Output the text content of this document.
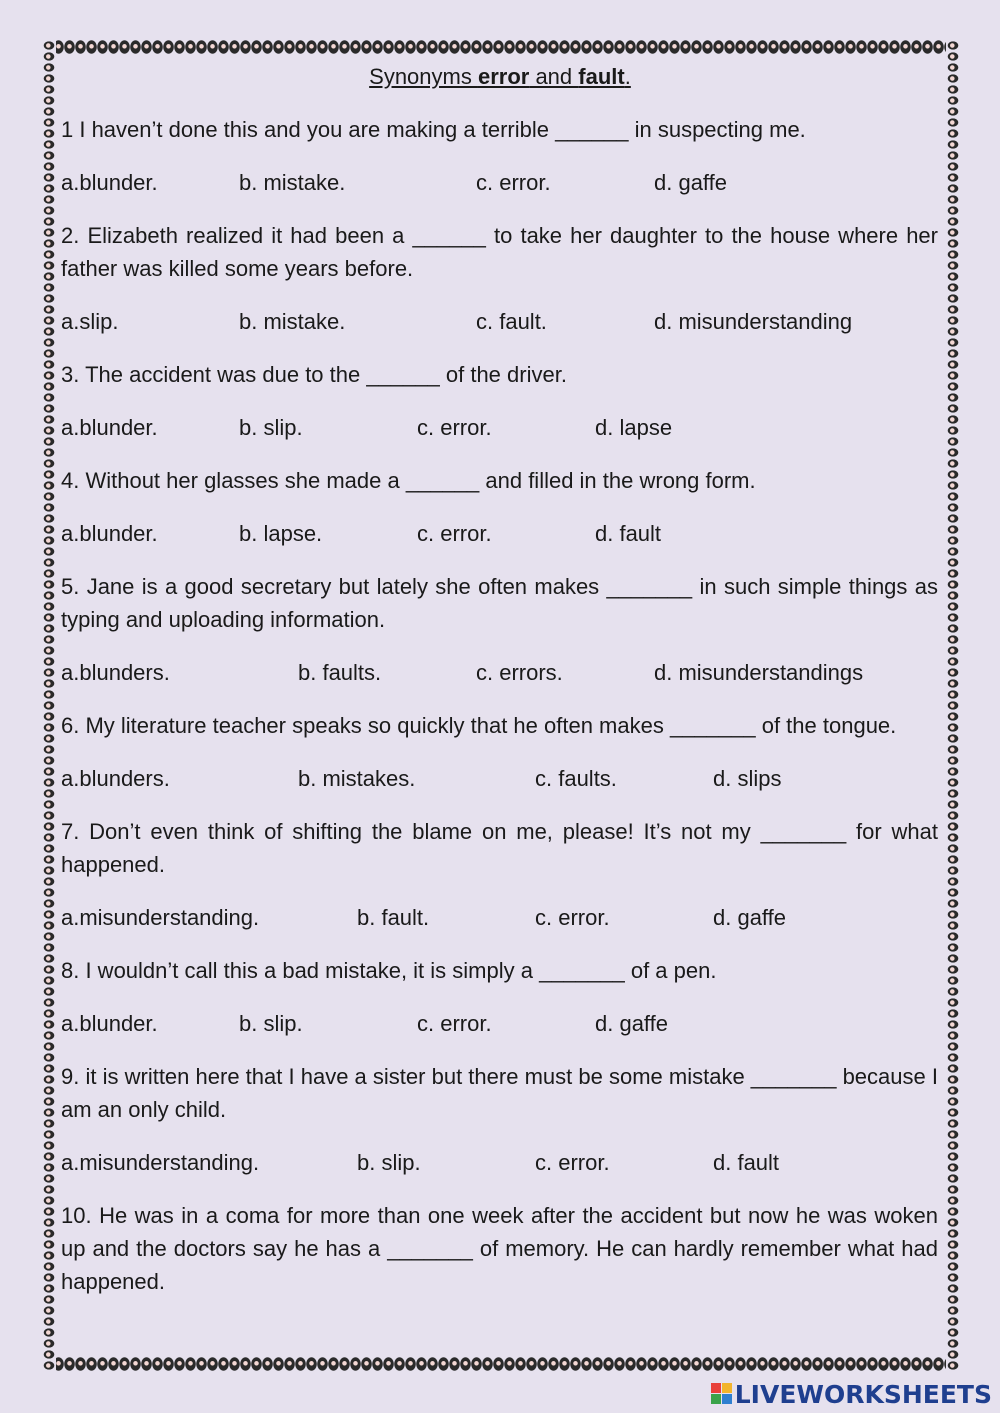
Synonyms error and fault.

1 I haven’t done this and you are making a terrible ______ in suspecting me.

a.blunder.	b. mistake.	c. error.	d. gaffe

2. Elizabeth realized it had been a ______ to take her daughter to the house where her father was killed some years before.

a.slip.	b. mistake.	c. fault.	d. misunderstanding

3. The accident was due to the ______ of the driver.

a.blunder.	b. slip.	c. error.	d. lapse

4. Without her glasses she made a ______ and filled in the wrong form.

a.blunder.	b. lapse.	c. error.	d. fault

5. Jane is a good secretary but lately she often makes _______ in such simple things as typing and uploading information.

a.blunders.	b. faults.	c. errors.	d. misunderstandings

6. My literature teacher speaks so quickly that he often makes _______ of the tongue.

a.blunders.	b. mistakes.	c. faults.	d. slips

7. Don’t even think of shifting the blame on me, please! It’s not my _______ for what happened.

a.misunderstanding.	b. fault.	c. error.	d. gaffe

8. I wouldn’t call this a bad mistake, it is simply a _______ of a pen.

a.blunder.	b. slip.	c. error.	d. gaffe

9. it is written here that I have a sister but there must be some mistake _______ because I am an only child.

a.misunderstanding.	b. slip.	c. error.	d. fault

10. He was in a coma for more than one week after the accident but now he was woken up and the doctors say he has a _______ of memory. He can hardly remember what had happened.

LIVEWORKSHEETS
